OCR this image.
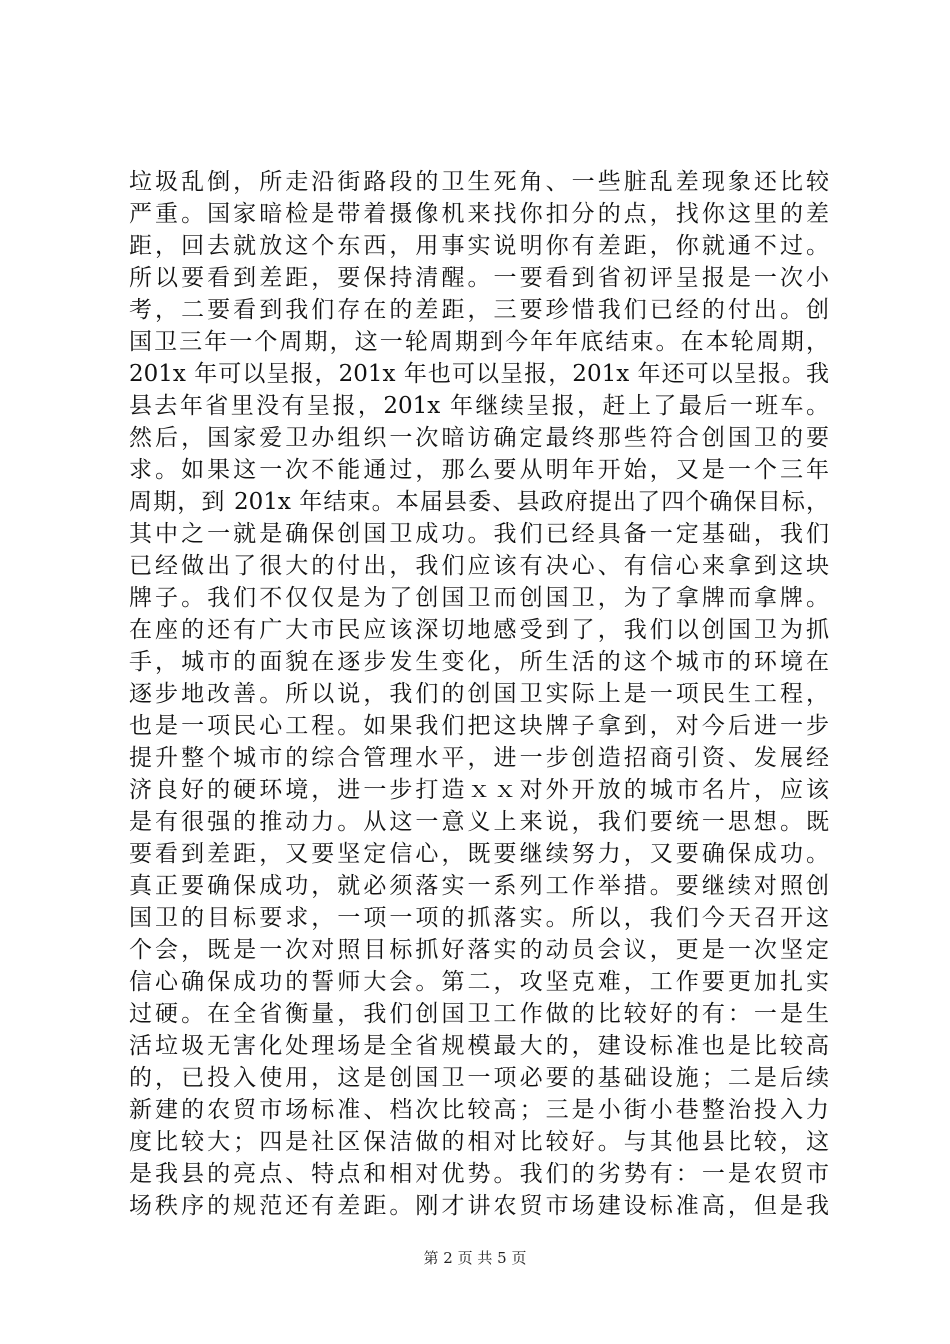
垃圾乱倒，所走沿街路段的卫生死角、一些脏乱差现象还比较
严重。国家暗检是带着摄像机来找你扣分的点，找你这里的差
距，回去就放这个东西，用事实说明你有差距，你就通不过。
所以要看到差距，要保持清醒。一要看到省初评呈报是一次小
考，二要看到我们存在的差距，三要珍惜我们已经的付出。创
国卫三年一个周期，这一轮周期到今年年底结束。在本轮周期，
201x 年可以呈报，201x 年也可以呈报，201x 年还可以呈报。我
县去年省里没有呈报，201x 年继续呈报，赶上了最后一班车。
然后，国家爱卫办组织一次暗访确定最终那些符合创国卫的要
求。如果这一次不能通过，那么要从明年开始，又是一个三年
周期，到 201x 年结束。本届县委、县政府提出了四个确保目标，
其中之一就是确保创国卫成功。我们已经具备一定基础，我们
已经做出了很大的付出，我们应该有决心、有信心来拿到这块
牌子。我们不仅仅是为了创国卫而创国卫，为了拿牌而拿牌。
在座的还有广大市民应该深切地感受到了，我们以创国卫为抓
手，城市的面貌在逐步发生变化，所生活的这个城市的环境在
逐步地改善。所以说，我们的创国卫实际上是一项民生工程，
也是一项民心工程。如果我们把这块牌子拿到，对今后进一步
提升整个城市的综合管理水平，进一步创造招商引资、发展经
济良好的硬环境，进一步打造ｘｘ对外开放的城市名片，应该
是有很强的推动力。从这一意义上来说，我们要统一思想。既
要看到差距，又要坚定信心，既要继续努力，又要确保成功。
真正要确保成功，就必须落实一系列工作举措。要继续对照创
国卫的目标要求，一项一项的抓落实。所以，我们今天召开这
个会，既是一次对照目标抓好落实的动员会议，更是一次坚定
信心确保成功的誓师大会。第二，攻坚克难，工作要更加扎实
过硬。在全省衡量，我们创国卫工作做的比较好的有：一是生
活垃圾无害化处理场是全省规模最大的，建设标准也是比较高
的，已投入使用，这是创国卫一项必要的基础设施；二是后续
新建的农贸市场标准、档次比较高；三是小街小巷整治投入力
度比较大；四是社区保洁做的相对比较好。与其他县比较，这
是我县的亮点、特点和相对优势。我们的劣势有：一是农贸市
场秩序的规范还有差距。刚才讲农贸市场建设标准高，但是我
第 2 页 共 5 页
